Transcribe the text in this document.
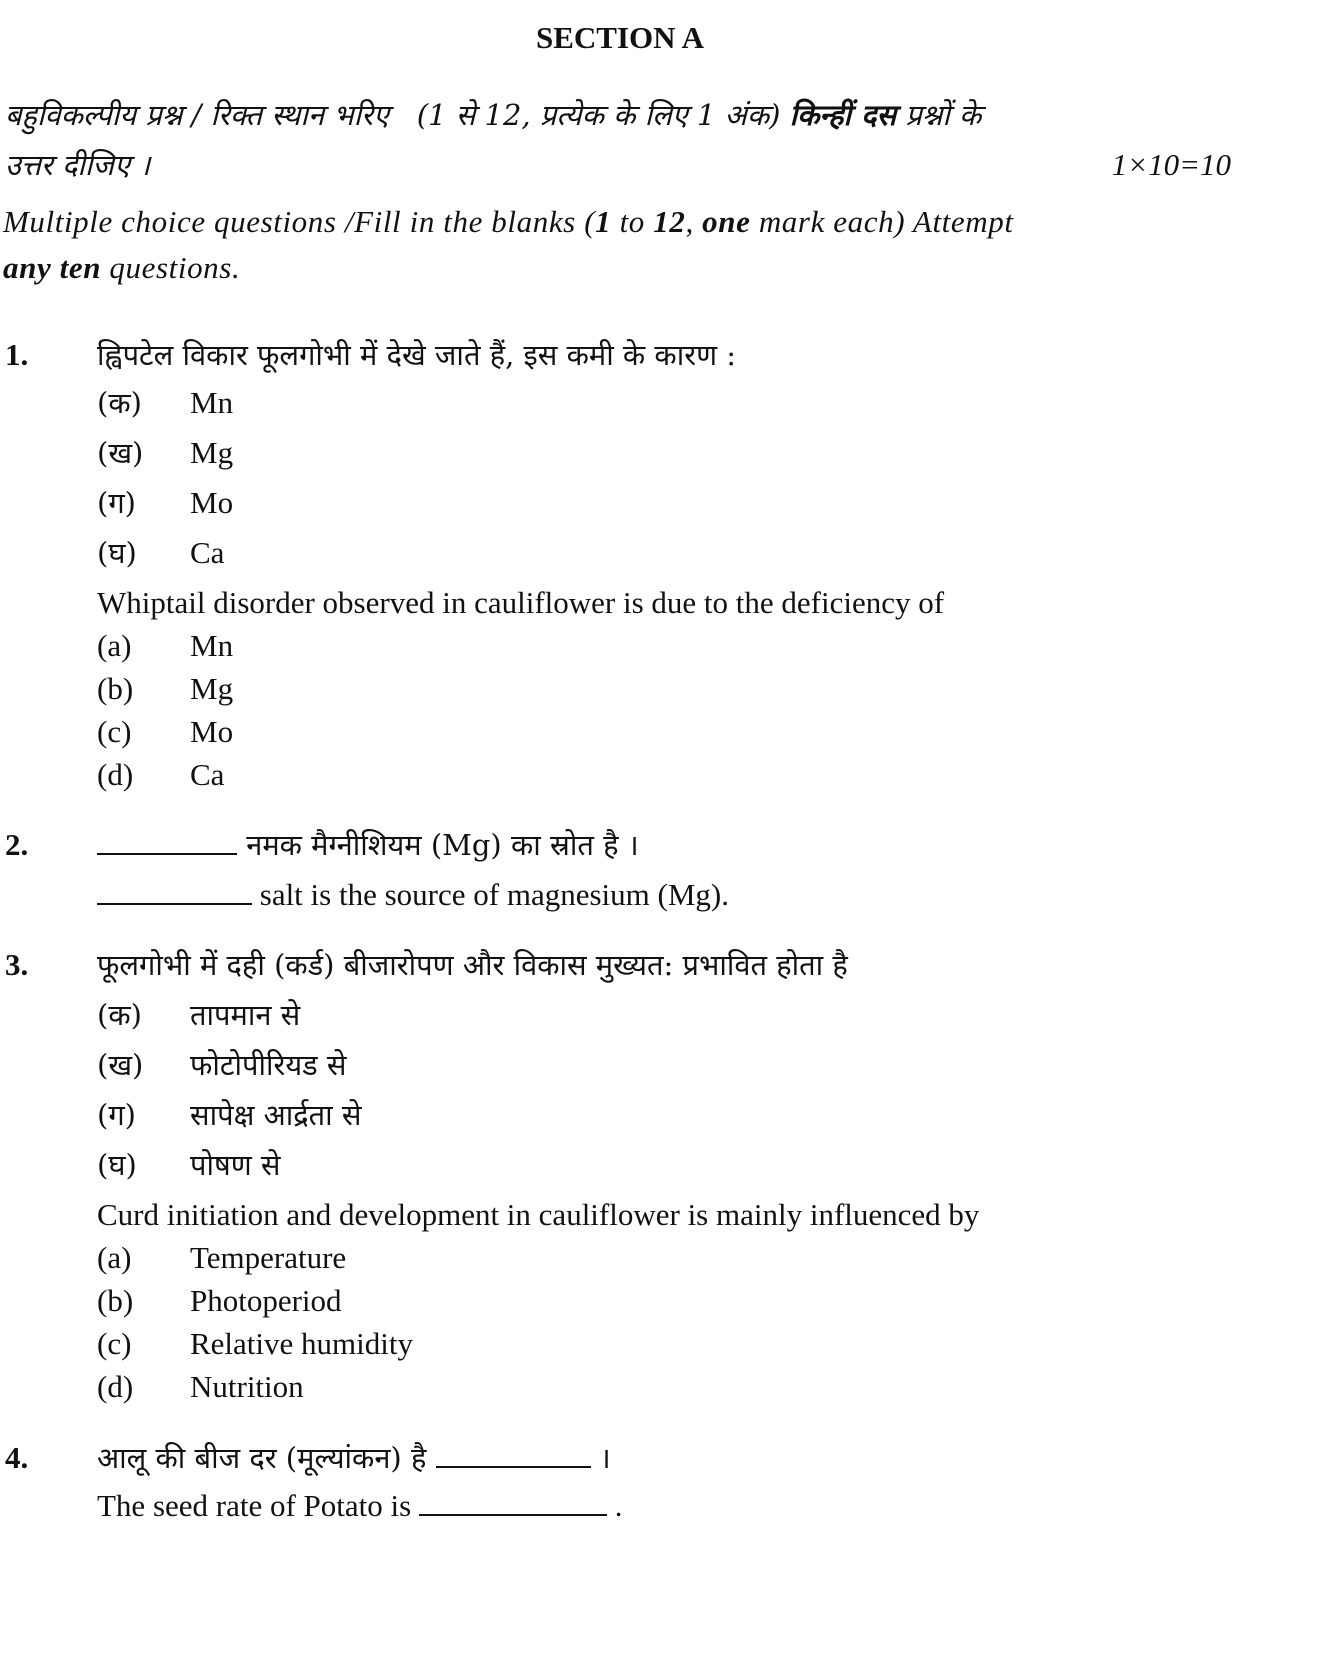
SECTION A
बहुविकल्पीय प्रश्न / रिक्त स्थान भरिए (1 से 12, प्रत्येक के लिए 1 अंक) किन्हीं दस प्रश्नों के
उत्तर दीजिए ।	1×10=10
Multiple choice questions /Fill in the blanks (1 to 12, one mark each) Attempt
any ten questions.
1. ह्विपटेल विकार फूलगोभी में देखे जाते हैं, इस कमी के कारण :
(क) Mn
(ख) Mg
(ग) Mo
(घ) Ca
Whiptail disorder observed in cauliflower is due to the deficiency of
(a) Mn
(b) Mg
(c) Mo
(d) Ca
2.	नमक मैग्नीशियम (Mg) का स्रोत है ।
salt is the source of magnesium (Mg).
3. फूलगोभी में दही (कर्ड) बीजारोपण और विकास मुख्यत: प्रभावित होता है
(क) तापमान से
(ख) फोटोपीरियड से
(ग) सापेक्ष आर्द्रता से
(घ) पोषण से
Curd initiation and development in cauliflower is mainly influenced by
(a) Temperature
(b) Photoperiod
(c) Relative humidity
(d) Nutrition
4. आलू की बीज दर (मूल्यांकन) है	।
The seed rate of Potato is	.
